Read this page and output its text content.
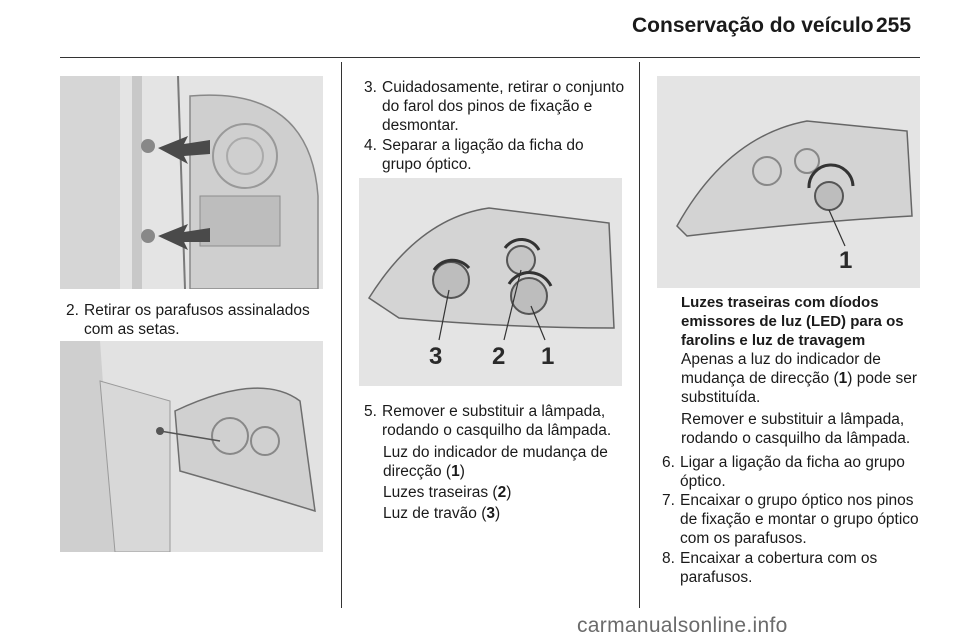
Conservação do veículo 255
2. Retirar os parafusos assinalados com as setas.
3. Cuidadosamente, retirar o conjunto do farol dos pinos de fixação e desmontar.
4. Separar a ligação da ficha do grupo óptico.
3 2 1
5. Remover e substituir a lâmpada, rodando o casquilho da lâmpada.
Luz do indicador de mudança de direcção (1)
Luzes traseiras (2)
Luz de travão (3)
1
Luzes traseiras com díodos emissores de luz (LED) para os farolins e luz de travagem
Apenas a luz do indicador de mudança de direcção (1) pode ser substituída.
Remover e substituir a lâmpada, rodando o casquilho da lâmpada.
6. Ligar a ligação da ficha ao grupo óptico.
7. Encaixar o grupo óptico nos pinos de fixação e montar o grupo óptico com os parafusos.
8. Encaixar a cobertura com os parafusos.
carmanualsonline.info
